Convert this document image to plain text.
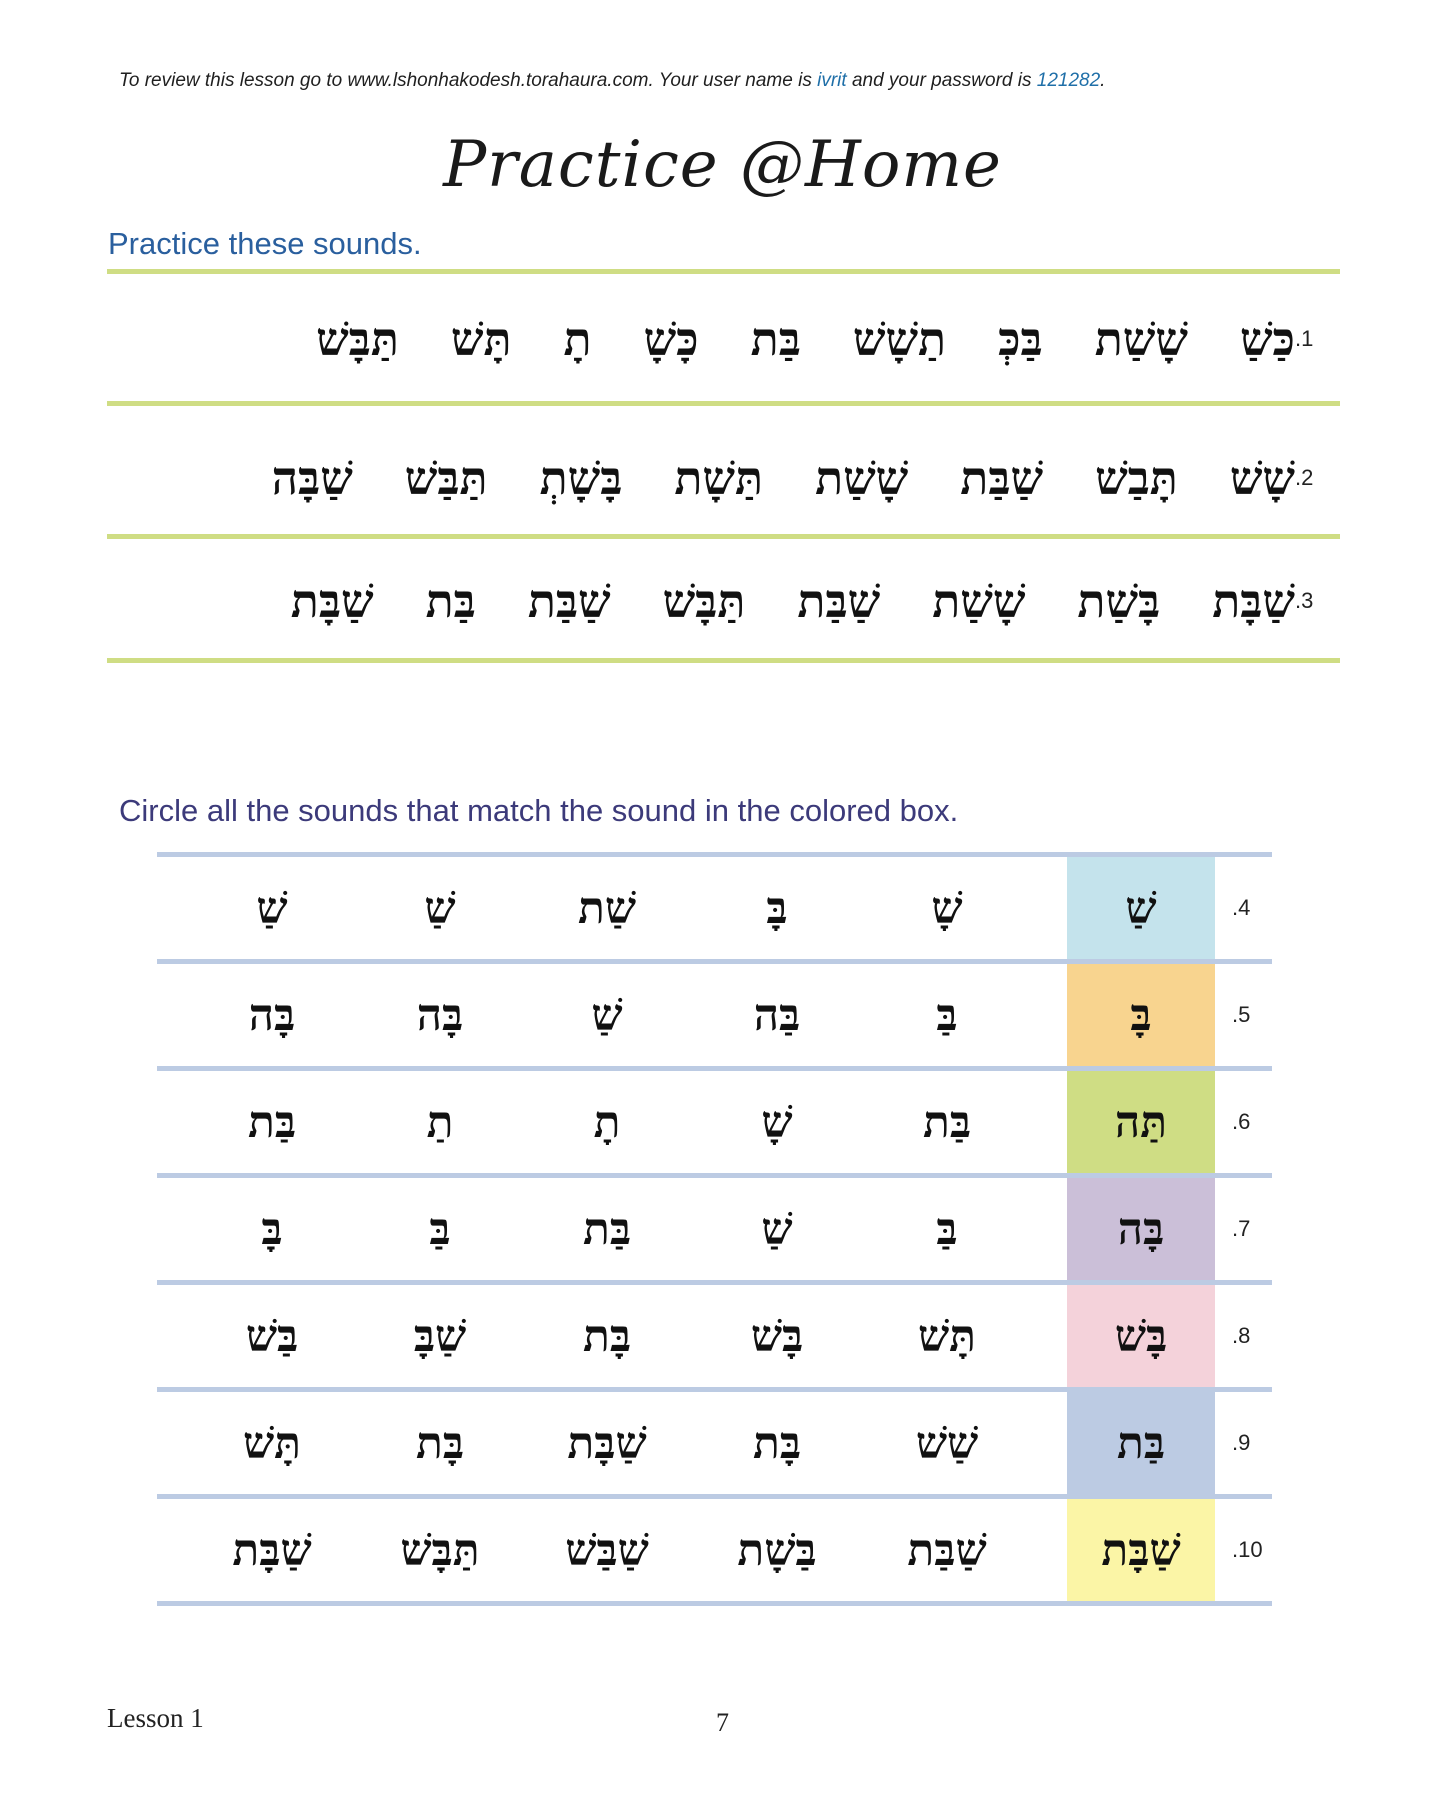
To review this lesson go to www.lshonhakodesh.torahaura.com. Your user name is ivrit and your password is 121282.
Practice @Home
Practice these sounds.
.1
כַּשַׁ
שָׁשַׁת
בַּכְּ
תַשָׁשׁ
בַּת
כָּשָׁ
תָ
תָּשׁ
תַּבָּשׁ
.2
שָׁשׁ
תָּבַשׁ
שַׁבַּת
שָׁשַׁת
תַּשָׁת
בָּשָׁתְ
תַּבַּשׁ
שַׁבָּה
.3
שַׁבָּת
בָּשַׁת
שָׁשַׁת
שַׁבַּת
תַּבָּשׁ
שַׁבַּת
בַּת
שַׁבָּת
Circle all the sounds that match the sound in the colored box.
.4
שַׁ
שָׁ
בָּ
שַׁת
שַׁ
שַׁ
.5
בָּ
בַּ
בַּה
שַׁ
בָּה
בָּה
.6
תַּה
בַּת
שָׁ
תָ
תַ
בַּת
.7
בָּה
בַּ
שַׁ
בַּת
בַּ
בָּ
.8
בָּשׁ
תָּשׁ
בָּשׁ
בָּת
שַׁבָּ
בַּשׁ
.9
בַּת
שַׁשׁ
בָּת
שַׁבָּת
בָּת
תָּשׁ
.10
שַׁבָּת
שַׁבַּת
בַּשָׁת
שַׁבַּשׁ
תַּבָּשׁ
שַׁבָּת
Lesson 1	7
